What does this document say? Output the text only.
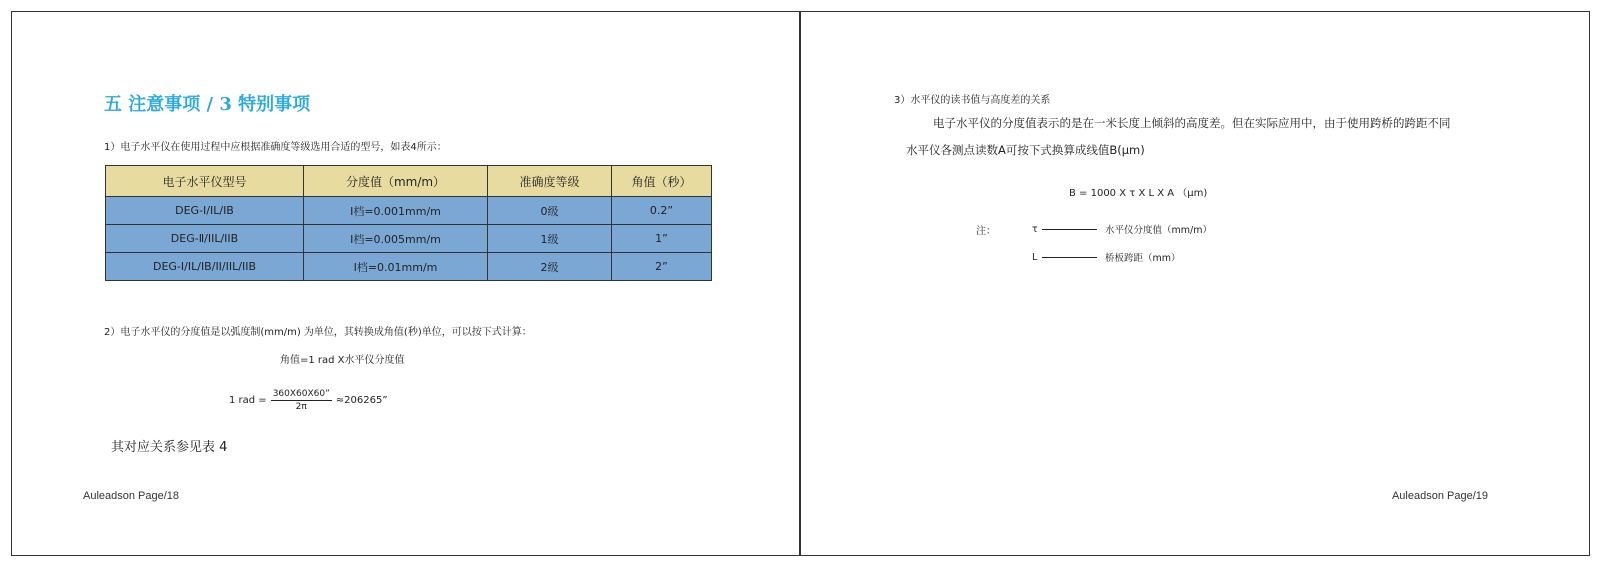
五 注意事项 / 3 特别事项
1）电子水平仪在使用过程中应根据准确度等级选用合适的型号，如表4所示：
电子水平仪型号	分度值（mm/m）	准确度等级	角值（秒）
DEG-Ⅰ/IL/IB	Ⅰ档=0.001mm/m	0级	0.2”
DEG-Ⅱ/IIL/IIB	Ⅰ档=0.005mm/m	1级	1”
DEG-Ⅰ/IL/IB/II/IIL/IIB	Ⅰ档=0.01mm/m	2级	2”
2）电子水平仪的分度值是以弧度制(mm/m) 为单位，其转换成角值(秒)单位，可以按下式计算：
角值=1 rad X水平仪分度值
1 rad = $\frac{360X60X60”}{2\pi} \approx 206265$”
其对应关系参见表 4
Auleadson Page/18
3）水平仪的读书值与高度差的关系
电子水平仪的分度值表示的是在一米长度上倾斜的高度差。但在实际应用中，由于使用跨桥的跨距不同
水平仪各测点读数A可按下式换算成线值B(μm)
B = 1000 X τ X L X A （μm)
注：	τ	水平仪分度值（mm/m）
L	桥板跨距（mm）
Auleadson Page/19
